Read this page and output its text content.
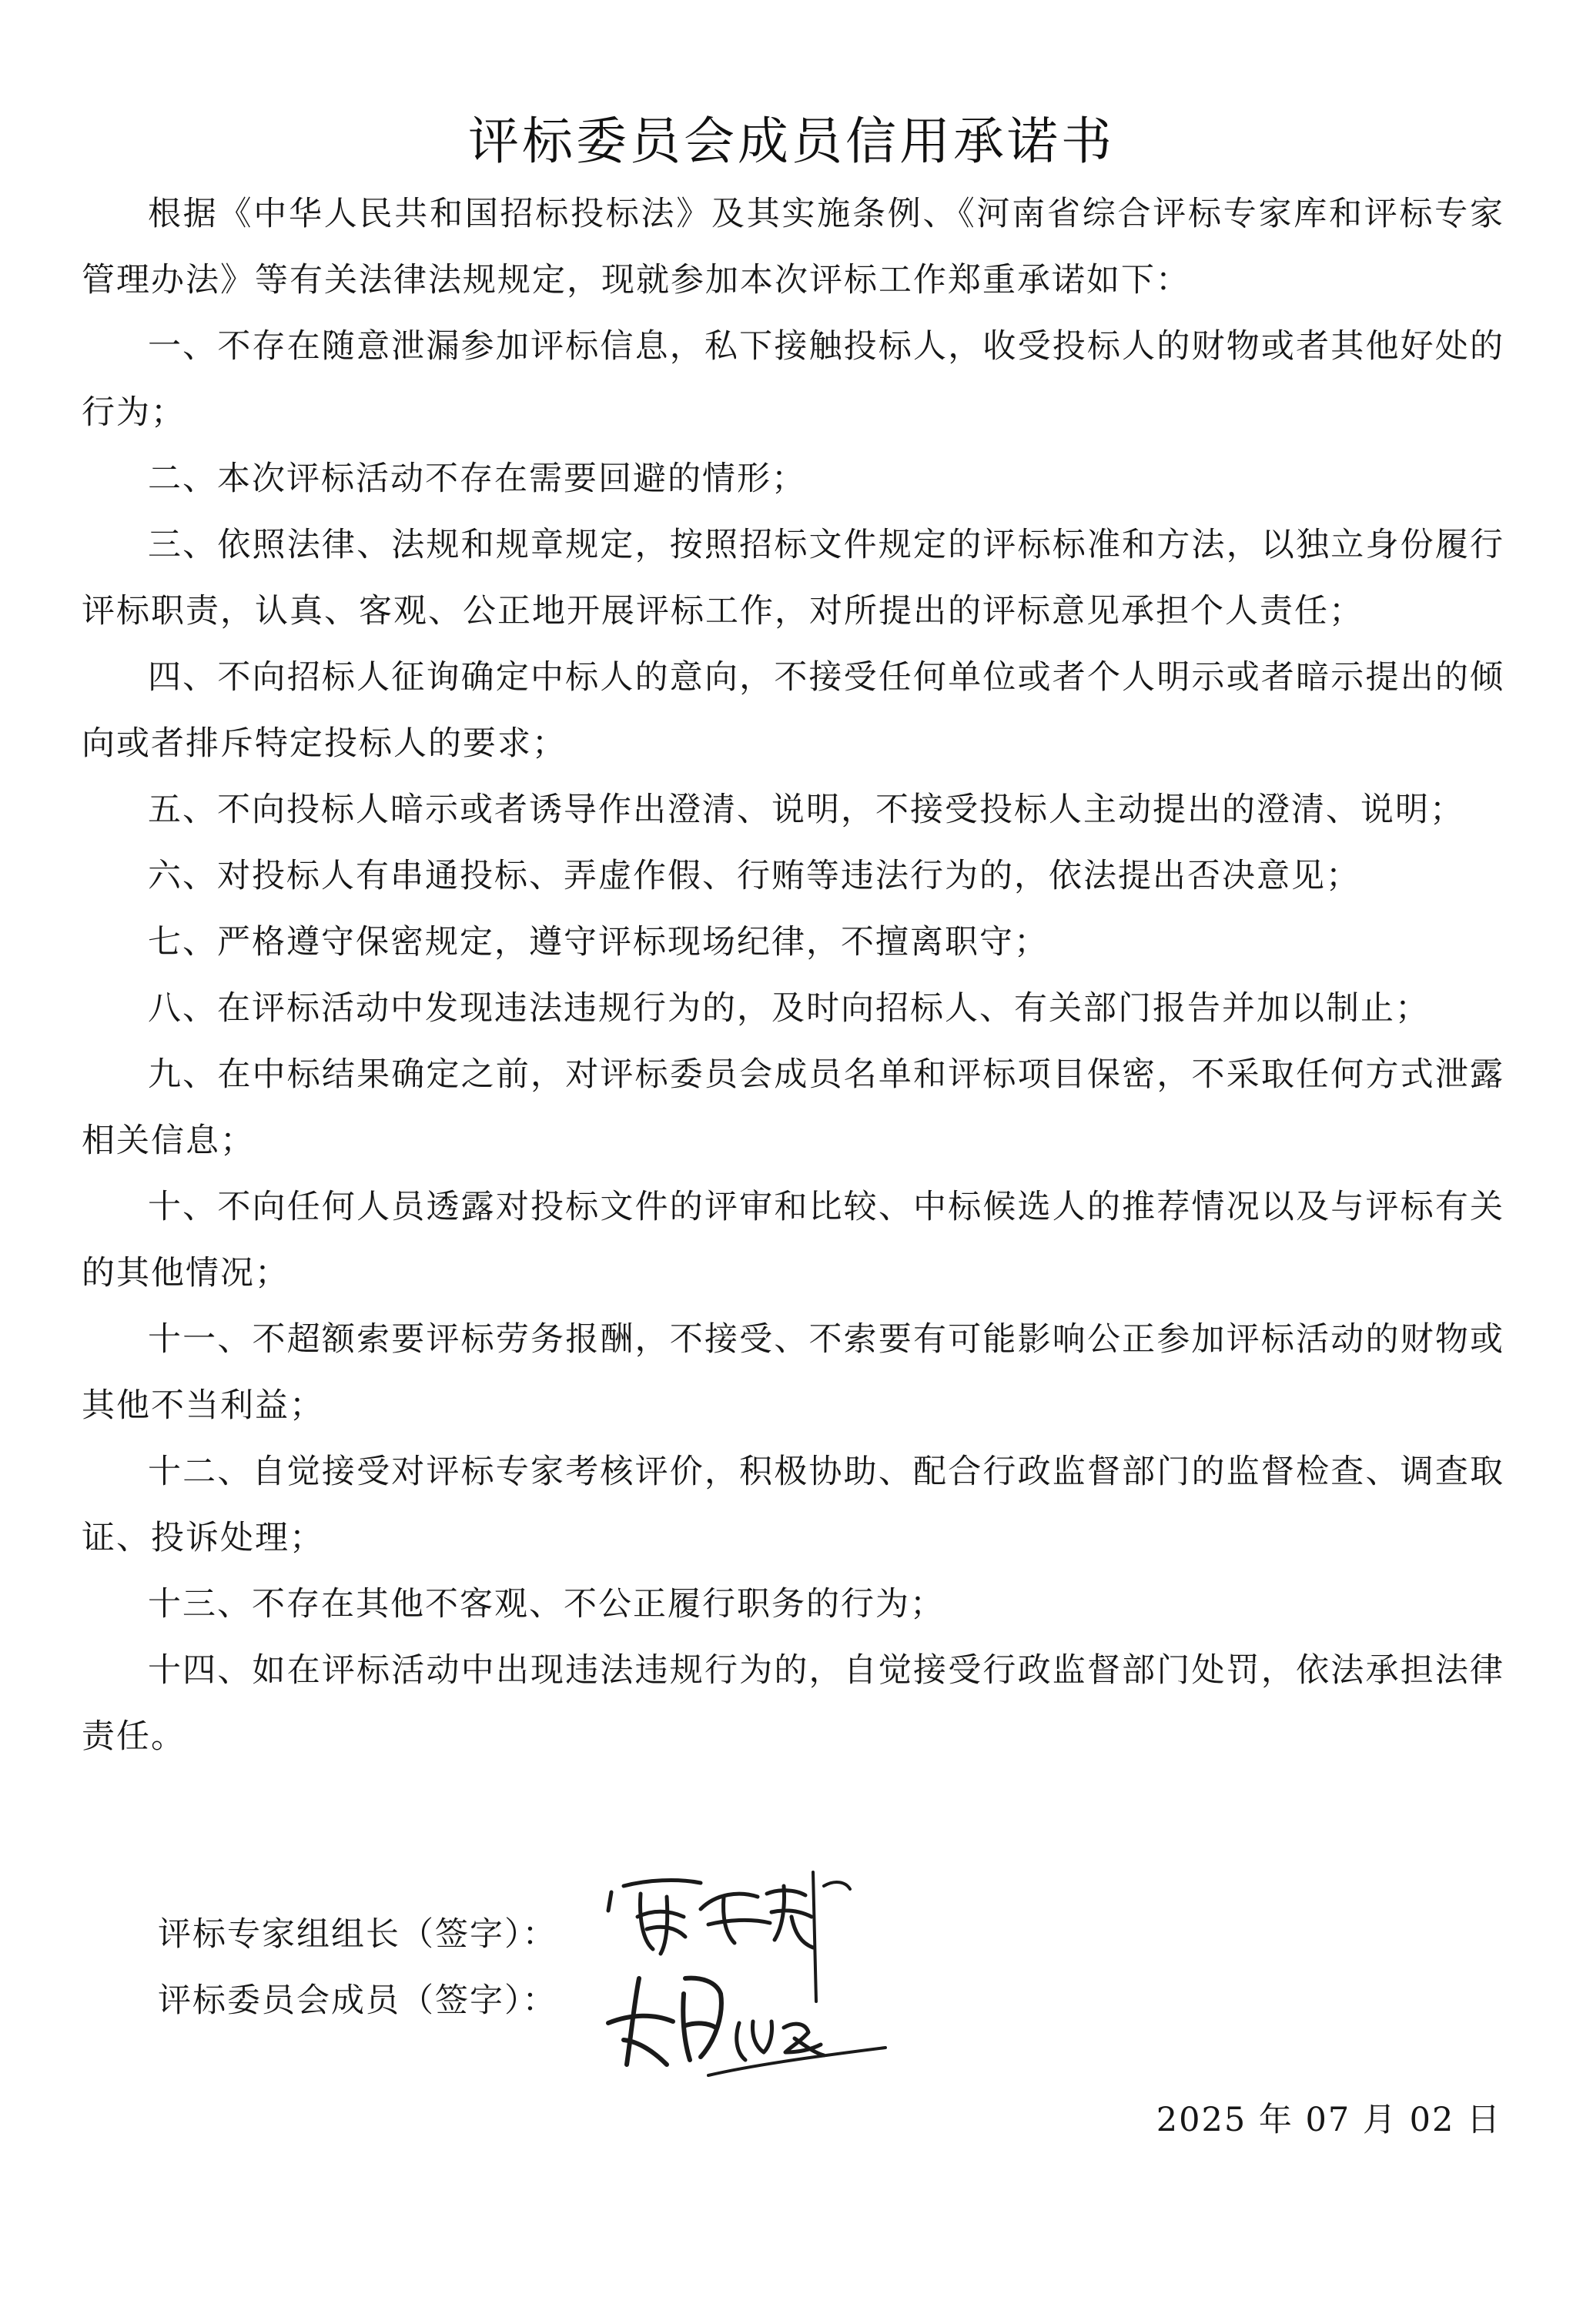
评标委员会成员信用承诺书

根据《中华人民共和国招标投标法》及其实施条例、《河南省综合评标专家库和评标专家管理办法》等有关法律法规规定，现就参加本次评标工作郑重承诺如下：

一、不存在随意泄漏参加评标信息，私下接触投标人，收受投标人的财物或者其他好处的行为；

二、本次评标活动不存在需要回避的情形；

三、依照法律、法规和规章规定，按照招标文件规定的评标标准和方法，以独立身份履行评标职责，认真、客观、公正地开展评标工作，对所提出的评标意见承担个人责任；

四、不向招标人征询确定中标人的意向，不接受任何单位或者个人明示或者暗示提出的倾向或者排斥特定投标人的要求；

五、不向投标人暗示或者诱导作出澄清、说明，不接受投标人主动提出的澄清、说明；

六、对投标人有串通投标、弄虚作假、行贿等违法行为的，依法提出否决意见；

七、严格遵守保密规定，遵守评标现场纪律，不擅离职守；

八、在评标活动中发现违法违规行为的，及时向招标人、有关部门报告并加以制止；

九、在中标结果确定之前，对评标委员会成员名单和评标项目保密，不采取任何方式泄露相关信息；

十、不向任何人员透露对投标文件的评审和比较、中标候选人的推荐情况以及与评标有关的其他情况；

十一、不超额索要评标劳务报酬，不接受、不索要有可能影响公正参加评标活动的财物或其他不当利益；

十二、自觉接受对评标专家考核评价，积极协助、配合行政监督部门的监督检查、调查取证、投诉处理；

十三、不存在其他不客观、不公正履行职务的行为；

十四、如在评标活动中出现违法违规行为的，自觉接受行政监督部门处罚，依法承担法律责任。

评标专家组组长（签字）：
评标委员会成员（签字）：
2025 年 07 月 02 日
